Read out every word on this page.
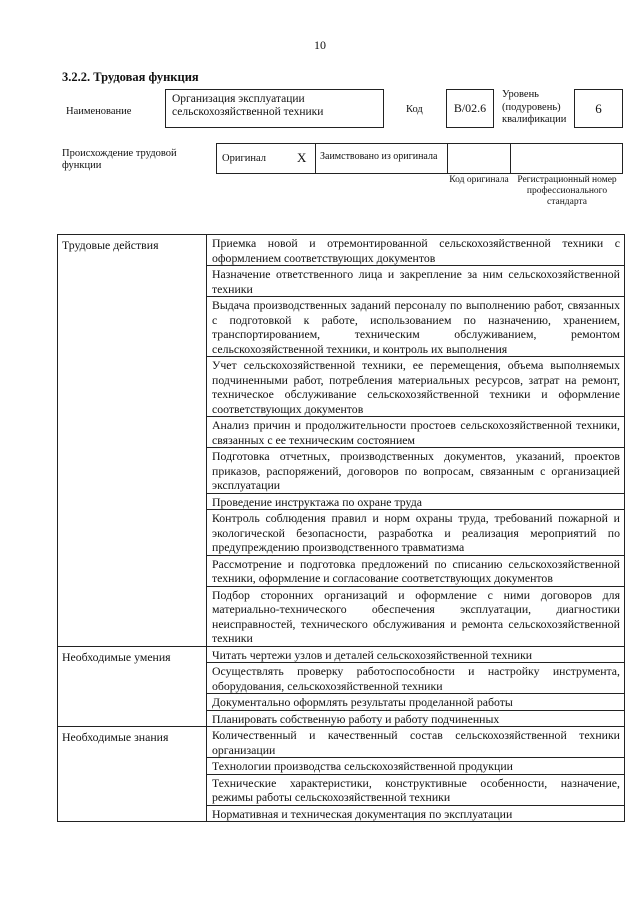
10
3.2.2. Трудовая функция
Наименование
Организация эксплуатации сельскохозяйственной техники	Код	В/02.6
Уровень (подуровень) квалификации
6
Происхождение трудовой функции
Оригинал X	Заимствовано из оригинала
Код оригинала Регистрационный номер профессионального стандарта
Трудовые действия	Приемка новой и отремонтированной сельскохозяйственной техники с оформлением соответствующих документов
	Назначение ответственного лица и закрепление за ним сельскохозяйственной техники
	Выдача производственных заданий персоналу по выполнению работ, связанных с подготовкой к работе, использованием по назначению, хранением, транспортированием, техническим обслуживанием, ремонтом сельскохозяйственной техники, и контроль их выполнения
	Учет сельскохозяйственной техники, ее перемещения, объема выполняемых подчиненными работ, потребления материальных ресурсов, затрат на ремонт, техническое обслуживание сельскохозяйственной техники и оформление соответствующих документов
	Анализ причин и продолжительности простоев сельскохозяйственной техники, связанных с ее техническим состоянием
	Подготовка отчетных, производственных документов, указаний, проектов приказов, распоряжений, договоров по вопросам, связанным с организацией эксплуатации
	Проведение инструктажа по охране труда
	Контроль соблюдения правил и норм охраны труда, требований пожарной и экологической безопасности, разработка и реализация мероприятий по предупреждению производственного травматизма
	Рассмотрение и подготовка предложений по списанию сельскохозяйственной техники, оформление и согласование соответствующих документов
	Подбор сторонних организаций и оформление с ними договоров для материально-технического обеспечения эксплуатации, диагностики неисправностей, технического обслуживания и ремонта сельскохозяйственной техники
Необходимые умения	Читать чертежи узлов и деталей сельскохозяйственной техники
	Осуществлять проверку работоспособности и настройку инструмента, оборудования, сельскохозяйственной техники
	Документально оформлять результаты проделанной работы
	Планировать собственную работу и работу подчиненных
Необходимые знания	Количественный и качественный состав сельскохозяйственной техники организации
	Технологии производства сельскохозяйственной продукции
	Технические характеристики, конструктивные особенности, назначение, режимы работы сельскохозяйственной техники
	Нормативная и техническая документация по эксплуатации
